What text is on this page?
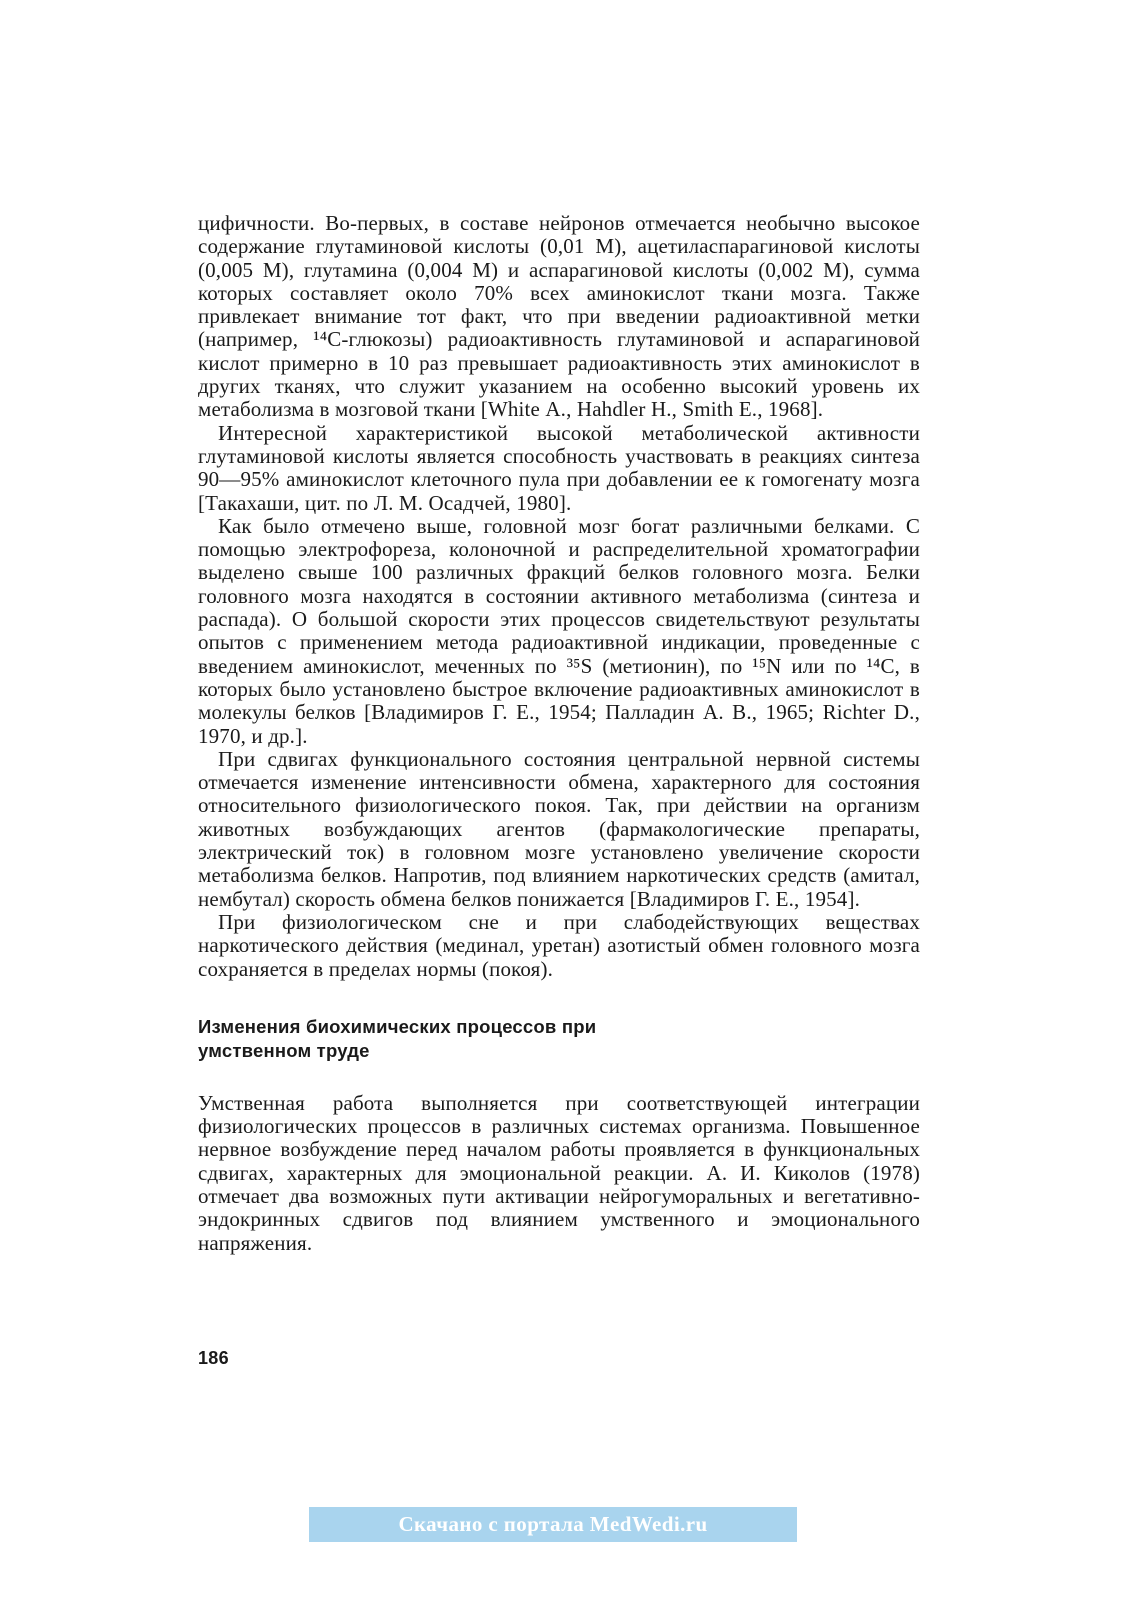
цифичности. Во-первых, в составе нейронов отмечается необычно высокое содержание глутаминовой кислоты (0,01 М), ацетиласпарагиновой кислоты (0,005 М), глутамина (0,004 М) и аспарагиновой кислоты (0,002 М), сумма которых составляет около 70% всех аминокислот ткани мозга. Также привлекает внимание тот факт, что при введении радиоактивной метки (например, ¹⁴С-глюкозы) радиоактивность глутаминовой и аспарагиновой кислот примерно в 10 раз превышает радиоактивность этих аминокислот в других тканях, что служит указанием на особенно высокий уровень их метаболизма в мозговой ткани [White А., Hahdler H., Smith Е., 1968].

Интересной характеристикой высокой метаболической активности глутаминовой кислоты является способность участвовать в реакциях синтеза 90—95% аминокислот клеточного пула при добавлении ее к гомогенату мозга [Такахаши, цит. по Л. М. Осадчей, 1980].

Как было отмечено выше, головной мозг богат различными белками. С помощью электрофореза, колоночной и распределительной хроматографии выделено свыше 100 различных фракций белков головного мозга. Белки головного мозга находятся в состоянии активного метаболизма (синтеза и распада). О большой скорости этих процессов свидетельствуют результаты опытов с применением метода радиоактивной индикации, проведенные с введением аминокислот, меченных по ³⁵S (метионин), по ¹⁵N или по ¹⁴С, в которых было установлено быстрое включение радиоактивных аминокислот в молекулы белков [Владимиров Г. Е., 1954; Палладин А. В., 1965; Richter D., 1970, и др.].

При сдвигах функционального состояния центральной нервной системы отмечается изменение интенсивности обмена, характерного для состояния относительного физиологического покоя. Так, при действии на организм животных возбуждающих агентов (фармакологические препараты, электрический ток) в головном мозге установлено увеличение скорости метаболизма белков. Напротив, под влиянием наркотических средств (амитал, нембутал) скорость обмена белков понижается [Владимиров Г. Е., 1954].

При физиологическом сне и при слабодействующих веществах наркотического действия (мединал, уретан) азотистый обмен головного мозга сохраняется в пределах нормы (покоя).

Изменения биохимических процессов при умственном труде

Умственная работа выполняется при соответствующей интеграции физиологических процессов в различных системах организма. Повышенное нервное возбуждение перед началом работы проявляется в функциональных сдвигах, характерных для эмоциональной реакции. А. И. Киколов (1978) отмечает два возможных пути активации нейрогуморальных и вегетативно-эндокринных сдвигов под влиянием умственного и эмоционального напряжения.

186
Скачано с портала MedWedi.ru
